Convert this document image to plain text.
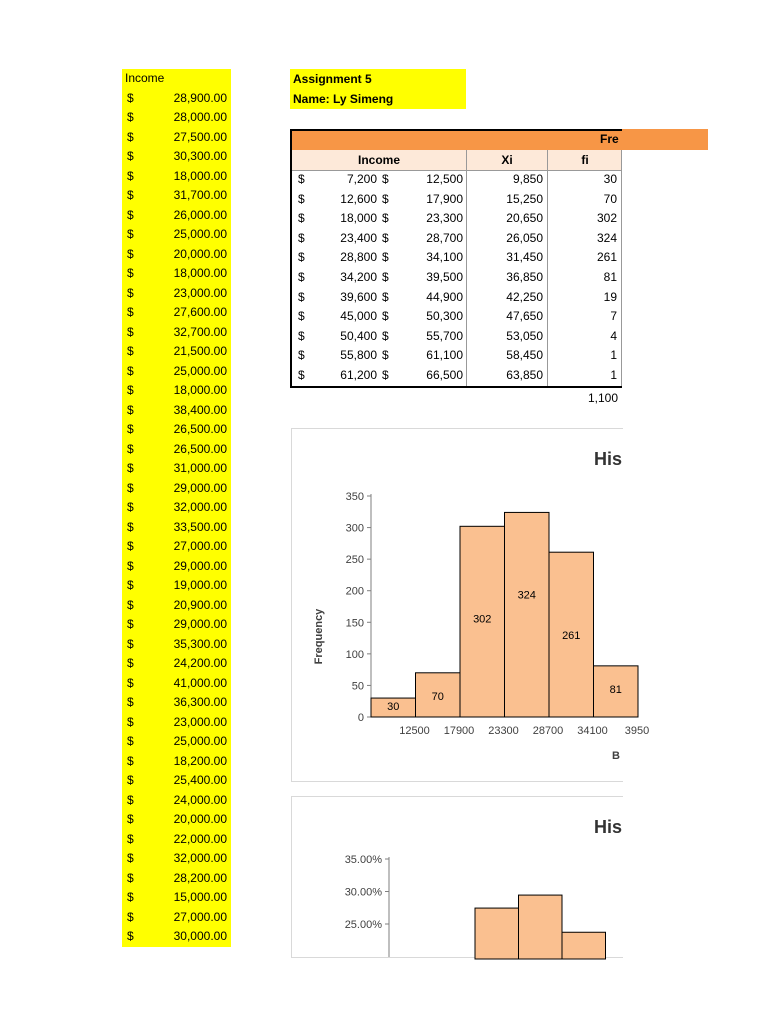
Income
$	28,900.00
$	28,000.00
$	27,500.00
$	30,300.00
$	18,000.00
$	31,700.00
$	26,000.00
$	25,000.00
$	20,000.00
$	18,000.00
$	23,000.00
$	27,600.00
$	32,700.00
$	21,500.00
$	25,000.00
$	18,000.00
$	38,400.00
$	26,500.00
$	26,500.00
$	31,000.00
$	29,000.00
$	32,000.00
$	33,500.00
$	27,000.00
$	29,000.00
$	19,000.00
$	20,900.00
$	29,000.00
$	35,300.00
$	24,200.00
$	41,000.00
$	36,300.00
$	23,000.00
$	25,000.00
$	18,200.00
$	25,400.00
$	24,000.00
$	20,000.00
$	22,000.00
$	32,000.00
$	28,200.00
$	15,000.00
$	27,000.00
$	30,000.00
Assignment 5
Name: Ly Simeng
Fre
Income	Xi	fi
$	7,200 $	12,500	9,850	30
$	12,600 $	17,900	15,250	70
$	18,000 $	23,300	20,650	302
$	23,400 $	28,700	26,050	324
$	28,800 $	34,100	31,450	261
$	34,200 $	39,500	36,850	81
$	39,600 $	44,900	42,250	19
$	45,000 $	50,300	47,650	7
$	50,400 $	55,700	53,050	4
$	55,800 $	61,100	58,450	1
$	61,200 $	66,500	63,850	1
1,100
His
0
50
100
150
200
250
300
350
30
70
302
324
261
81
12500 17900 23300 28700 34100 3950
Frequency
B
His
25.00%
30.00%
35.00%
